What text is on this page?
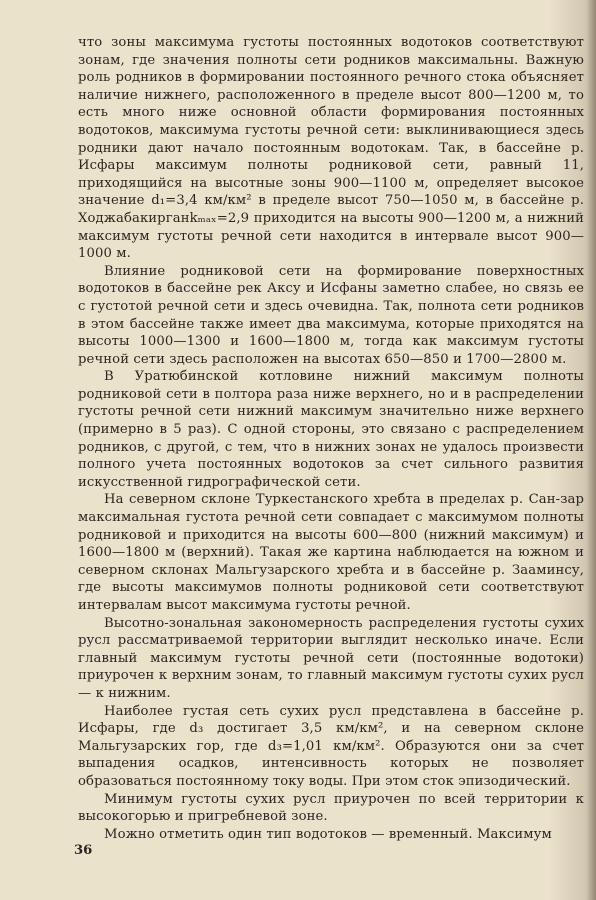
что зоны максимума густоты постоянных водотоков соответствуют зонам, где значения полноты сети родников максимальны. Важную роль родников в формировании постоянного речного стока объясняет наличие нижнего, расположенного в пределе высот 800—1200 м, то есть много ниже основной области формирования постоянных водотоков, максимума густоты речной сети: выклинивающиеся здесь родники дают начало постоянным водотокам. Так, в бассейне р. Исфары максимум полноты родниковой сети, равный 11, приходящийся на высотные зоны 900—1100 м, определяет высокое значение d₁=3,4 км/км² в пределе высот 750—1050 м, в бассейне р. Ходжабакирганkₘₐₓ=2,9 приходится на высоты 900—1200 м, а нижний максимум густоты речной сети находится в интервале высот 900—1000 м.

Влияние родниковой сети на формирование поверхностных водотоков в бассейне рек Аксу и Исфаны заметно слабее, но связь ее с густотой речной сети и здесь очевидна. Так, полнота сети родников в этом бассейне также имеет два максимума, которые приходятся на высоты 1000—1300 и 1600—1800 м, тогда как максимум густоты речной сети здесь расположен на высотах 650—850 и 1700—2800 м.

В Уратюбинской котловине нижний максимум полноты родниковой сети в полтора раза ниже верхнего, но и в распределении густоты речной сети нижний максимум значительно ниже верхнего (примерно в 5 раз). С одной стороны, это связано с распределением родников, с другой, с тем, что в нижних зонах не удалось произвести полного учета постоянных водотоков за счет сильного развития искусственной гидрографической сети.

На северном склоне Туркестанского хребта в пределах р. Сан-зар максимальная густота речной сети совпадает с максимумом полноты родниковой и приходится на высоты 600—800 (нижний максимум) и 1600—1800 м (верхний). Такая же картина наблюдается на южном и северном склонах Мальгузарского хребта и в бассейне р. Зааминсу, где высоты максимумов полноты родниковой сети соответствуют интервалам высот максимума густоты речной.

Высотно-зональная закономерность распределения густоты сухих русл рассматриваемой территории выглядит несколько иначе. Если главный максимум густоты речной сети (постоянные водотоки) приурочен к верхним зонам, то главный максимум густоты сухих русл — к нижним.

Наиболее густая сеть сухих русл представлена в бассейне р. Исфары, где d₃ достигает 3,5 км/км², и на северном склоне Мальгузарских гор, где d₃=1,01 км/км². Образуются они за счет выпадения осадков, интенсивность которых не позволяет образоваться постоянному току воды. При этом сток эпизодический.

Минимум густоты сухих русл приурочен по всей территории к высокогорью и пригребневой зоне.

Можно отметить один тип водотоков — временный. Максимум

36
